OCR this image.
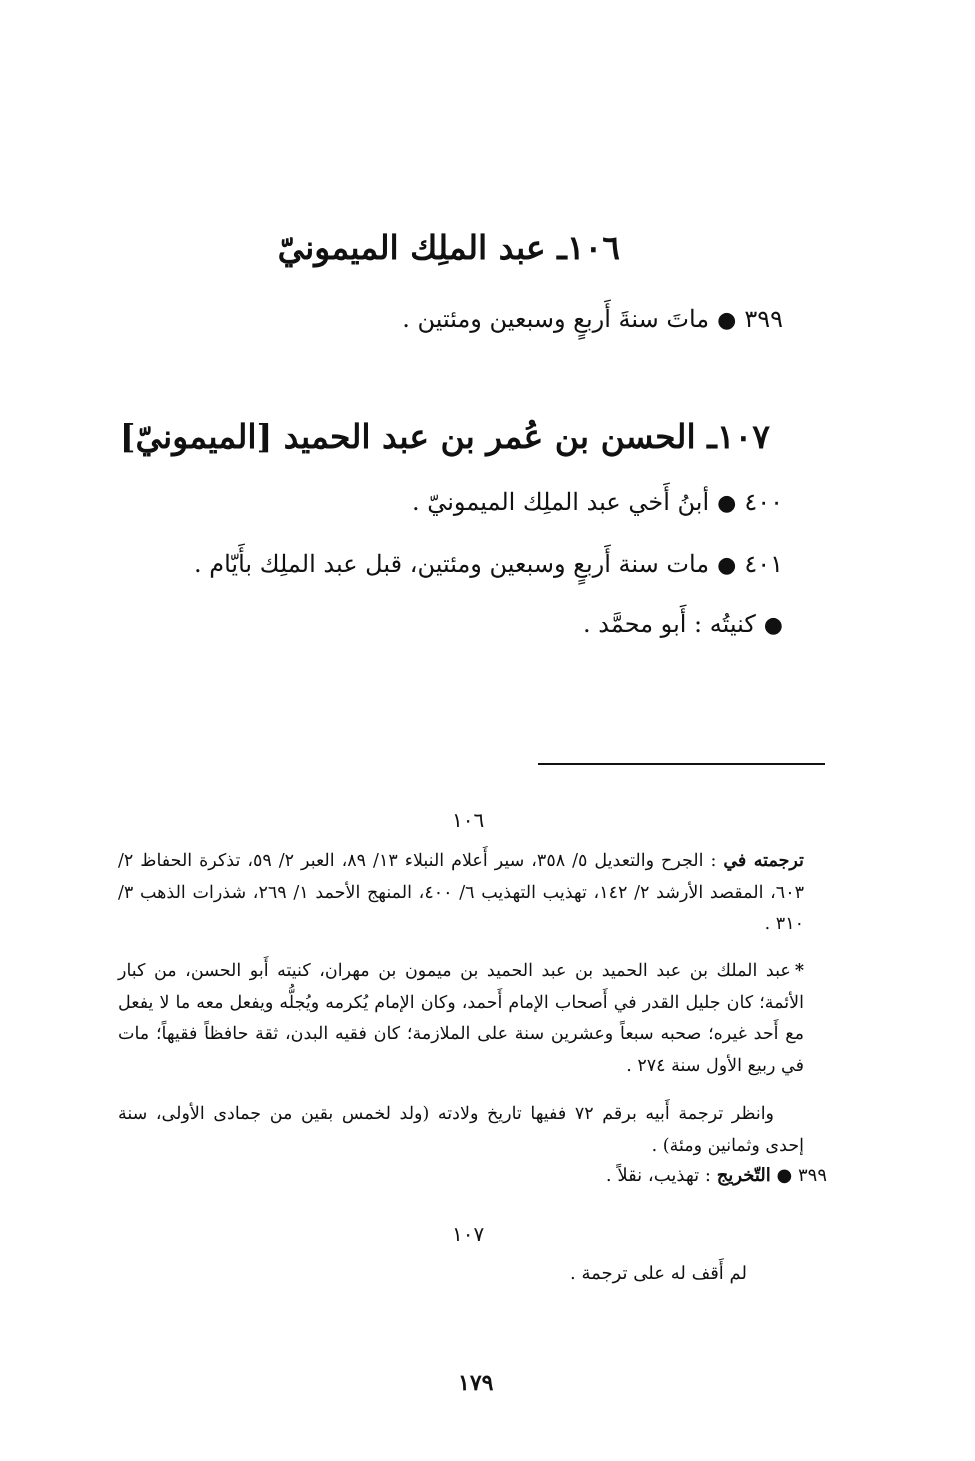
١٠٦ـ عبد الملِك الميمونيّ
٣٩٩●ماتَ سنةَ أَربعٍ وسبعين ومئتين .
١٠٧ـ الحسن بن عُمر بن عبد الحميد [الميمونيّ]
٤٠٠●أبنُ أَخي عبد الملِك الميمونيّ .
٤٠١●مات سنة أَربعٍ وسبعين ومئتين، قبل عبد الملِك بأَيّام .
●كنيتُه : أَبو محمَّد .
١٠٦

ترجمته في : الجرح والتعديل ٥/ ٣٥٨، سير أَعلام النبلاء ١٣/ ٨٩، العبر ٢/ ٥٩، تذكرة الحفاظ ٢/ ٦٠٣، المقصد الأرشد ٢/ ١٤٢، تهذيب التهذيب ٦/ ٤٠٠، المنهج الأحمد ١/ ٢٦٩، شذرات الذهب ٣/ ٣١٠ .

*عبد الملك بن عبد الحميد بن عبد الحميد بن ميمون بن مهران، كنيته أَبو الحسن، من كبار الأئمة؛ كان جليل القدر في أَصحاب الإمام أَحمد، وكان الإمام يُكرمه ويُجلُّه ويفعل معه ما لا يفعل مع أَحد غيره؛ صحبه سبعاً وعشرين سنة على الملازمة؛ كان فقيه البدن، ثقة حافظاً فقيهاً؛ مات في ربيع الأول سنة ٢٧٤ .

وانظر ترجمة أَبيه برقم ٧٢ ففيها تاريخ ولادته (ولد لخمس بقين من جمادى الأولى، سنة إحدى وثمانين ومئة) .

٣٩٩ ● التّخريج : تهذيب، نقلاً .
١٠٧
لم أَقف له على ترجمة .
١٧٩
